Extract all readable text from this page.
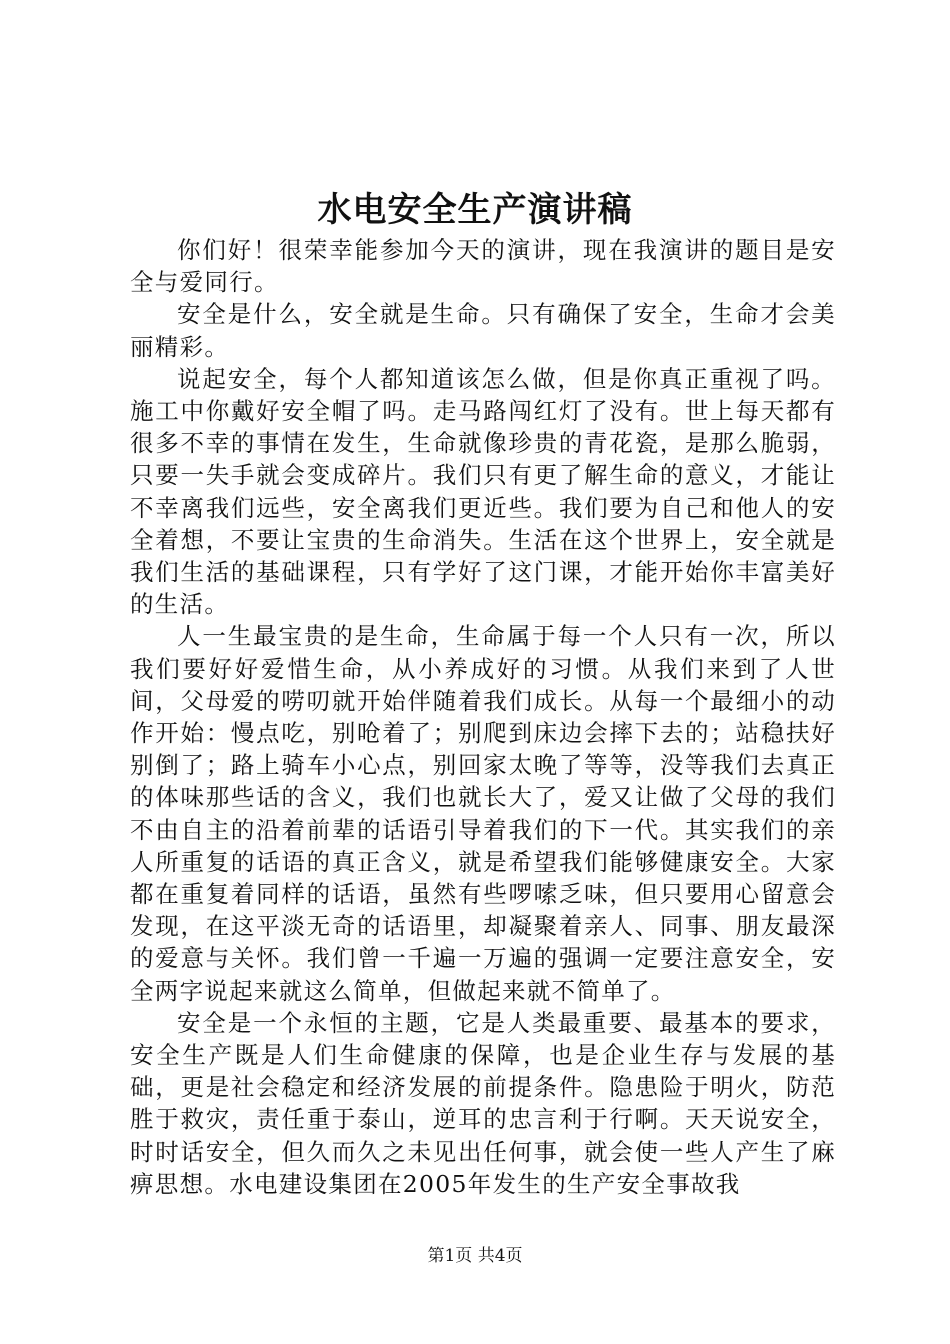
水电安全生产演讲稿

你们好！很荣幸能参加今天的演讲，现在我演讲的题目是安全与爱同行。

安全是什么，安全就是生命。只有确保了安全，生命才会美丽精彩。

说起安全，每个人都知道该怎么做，但是你真正重视了吗。施工中你戴好安全帽了吗。走马路闯红灯了没有。世上每天都有很多不幸的事情在发生，生命就像珍贵的青花瓷，是那么脆弱，只要一失手就会变成碎片。我们只有更了解生命的意义，才能让不幸离我们远些，安全离我们更近些。我们要为自己和他人的安全着想，不要让宝贵的生命消失。生活在这个世界上，安全就是我们生活的基础课程，只有学好了这门课，才能开始你丰富美好的生活。

人一生最宝贵的是生命，生命属于每一个人只有一次，所以我们要好好爱惜生命，从小养成好的习惯。从我们来到了人世间，父母爱的唠叨就开始伴随着我们成长。从每一个最细小的动作开始：慢点吃，别呛着了；别爬到床边会摔下去的；站稳扶好别倒了；路上骑车小心点，别回家太晚了等等，没等我们去真正的体味那些话的含义，我们也就长大了，爱又让做了父母的我们不由自主的沿着前辈的话语引导着我们的下一代。其实我们的亲人所重复的话语的真正含义，就是希望我们能够健康安全。大家都在重复着同样的话语，虽然有些啰嗦乏味，但只要用心留意会发现，在这平淡无奇的话语里，却凝聚着亲人、同事、朋友最深的爱意与关怀。我们曾一千遍一万遍的强调一定要注意安全，安全两字说起来就这么简单，但做起来就不简单了。

安全是一个永恒的主题，它是人类最重要、最基本的要求，安全生产既是人们生命健康的保障，也是企业生存与发展的基础，更是社会稳定和经济发展的前提条件。隐患险于明火，防范胜于救灾，责任重于泰山，逆耳的忠言利于行啊。天天说安全，时时话安全，但久而久之未见出任何事，就会使一些人产生了麻痹思想。水电建设集团在2005年发生的生产安全事故我

第1页 共4页
